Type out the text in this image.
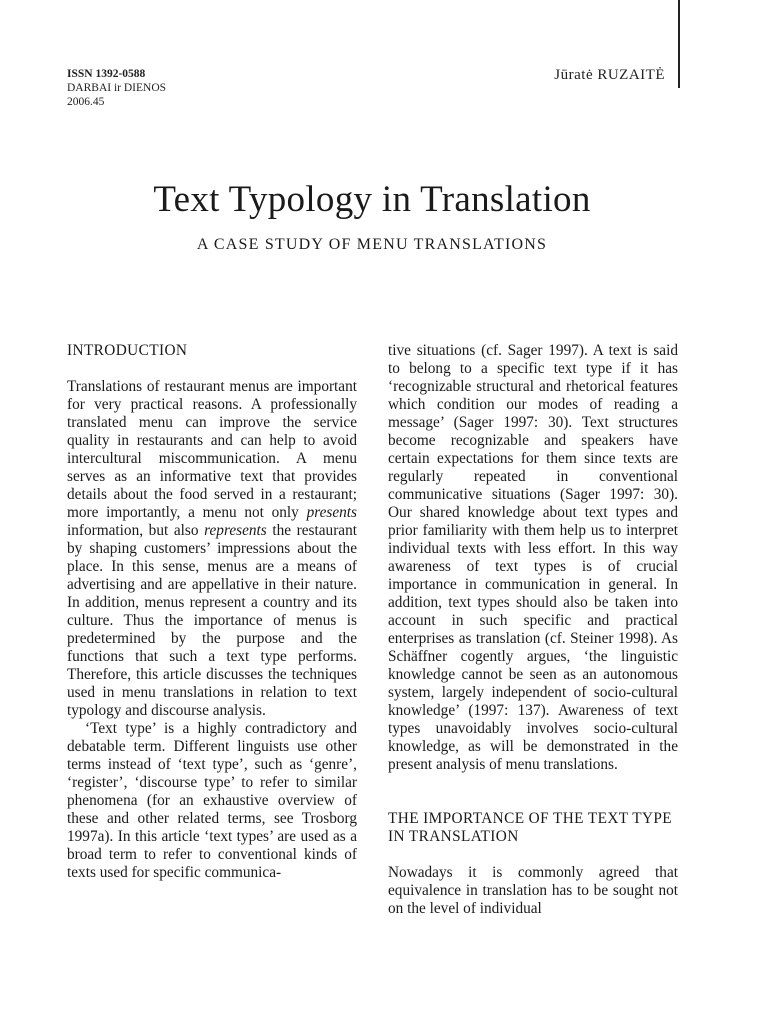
ISSN 1392-0588
DARBAI ir DIENOS
2006.45
Jūratė RUZAITĖ
Text Typology in Translation
A CASE STUDY OF MENU TRANSLATIONS
INTRODUCTION

Translations of restaurant menus are important for very practical reasons. A professionally translated menu can improve the service quality in restaurants and can help to avoid intercultural miscommunication. A menu serves as an informative text that provides details about the food served in a restaurant; more importantly, a menu not only presents information, but also represents the restaurant by shaping customers’ impressions about the place. In this sense, menus are a means of advertising and are appellative in their nature. In addition, menus represent a country and its culture. Thus the importance of menus is predetermined by the purpose and the functions that such a text type performs. Therefore, this article discusses the techniques used in menu translations in relation to text typology and discourse analysis.

‘Text type’ is a highly contradictory and debatable term. Different linguists use other terms instead of ‘text type’, such as ‘genre’, ‘register’, ‘discourse type’ to refer to similar phenomena (for an exhaustive overview of these and other related terms, see Trosborg 1997a). In this article ‘text types’ are used as a broad term to refer to conventional kinds of texts used for specific communica-

tive situations (cf. Sager 1997). A text is said to belong to a specific text type if it has ‘recognizable structural and rhetorical features which condition our modes of reading a message’ (Sager 1997: 30). Text structures become recognizable and speakers have certain expectations for them since texts are regularly repeated in conventional communicative situations (Sager 1997: 30). Our shared knowledge about text types and prior familiarity with them help us to interpret individual texts with less effort. In this way awareness of text types is of crucial importance in communication in general. In addition, text types should also be taken into account in such specific and practical enterprises as translation (cf. Steiner 1998). As Schäffner cogently argues, ‘the linguistic knowledge cannot be seen as an autonomous system, largely independent of socio-cultural knowledge’ (1997: 137). Awareness of text types unavoidably involves socio-cultural knowledge, as will be demonstrated in the present analysis of menu translations.

THE IMPORTANCE OF THE TEXT TYPE IN TRANSLATION

Nowadays it is commonly agreed that equivalence in translation has to be sought not on the level of individual
